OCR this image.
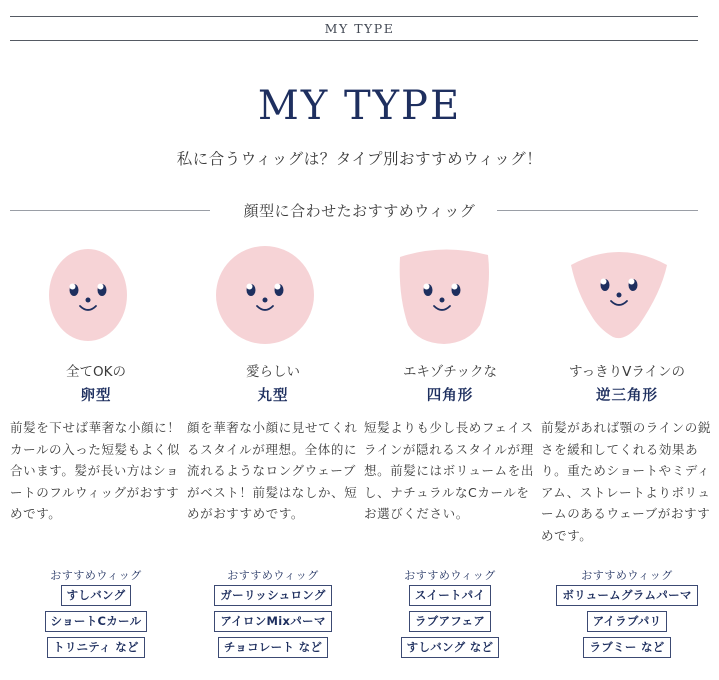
MY TYPE
MY TYPE
私に合うウィッグは？タイプ別おすすめウィッグ！
顔型に合わせたおすすめウィッグ
全てOKの
卵型
前髪を下せば華奢な小顔に！カールの入った短髪もよく似合います。髪が長い方はショートのフルウィッグがおすすめです。
おすすめウィッグ
すしバング
ショートCカール
トリニティ など
愛らしい
丸型
顔を華奢な小顔に見せてくれるスタイルが理想。全体的に流れるようなロングウェーブがベスト！前髪はなしか、短めがおすすめです。
おすすめウィッグ
ガーリッシュロング
アイロンMixパーマ
チョコレート など
エキゾチックな
四角形
短髪よりも少し長めフェイスラインが隠れるスタイルが理想。前髪にはボリュームを出し、ナチュラルなCカールをお選びください。
おすすめウィッグ
スイートパイ
ラブアフェア
すしバング など
すっきりVラインの
逆三角形
前髪があれば顎のラインの鋭さを緩和してくれる効果あり。重ためショートやミディアム、ストレートよりボリュームのあるウェーブがおすすめです。
おすすめウィッグ
ボリュームグラムパーマ
アイラブパリ
ラブミー など
